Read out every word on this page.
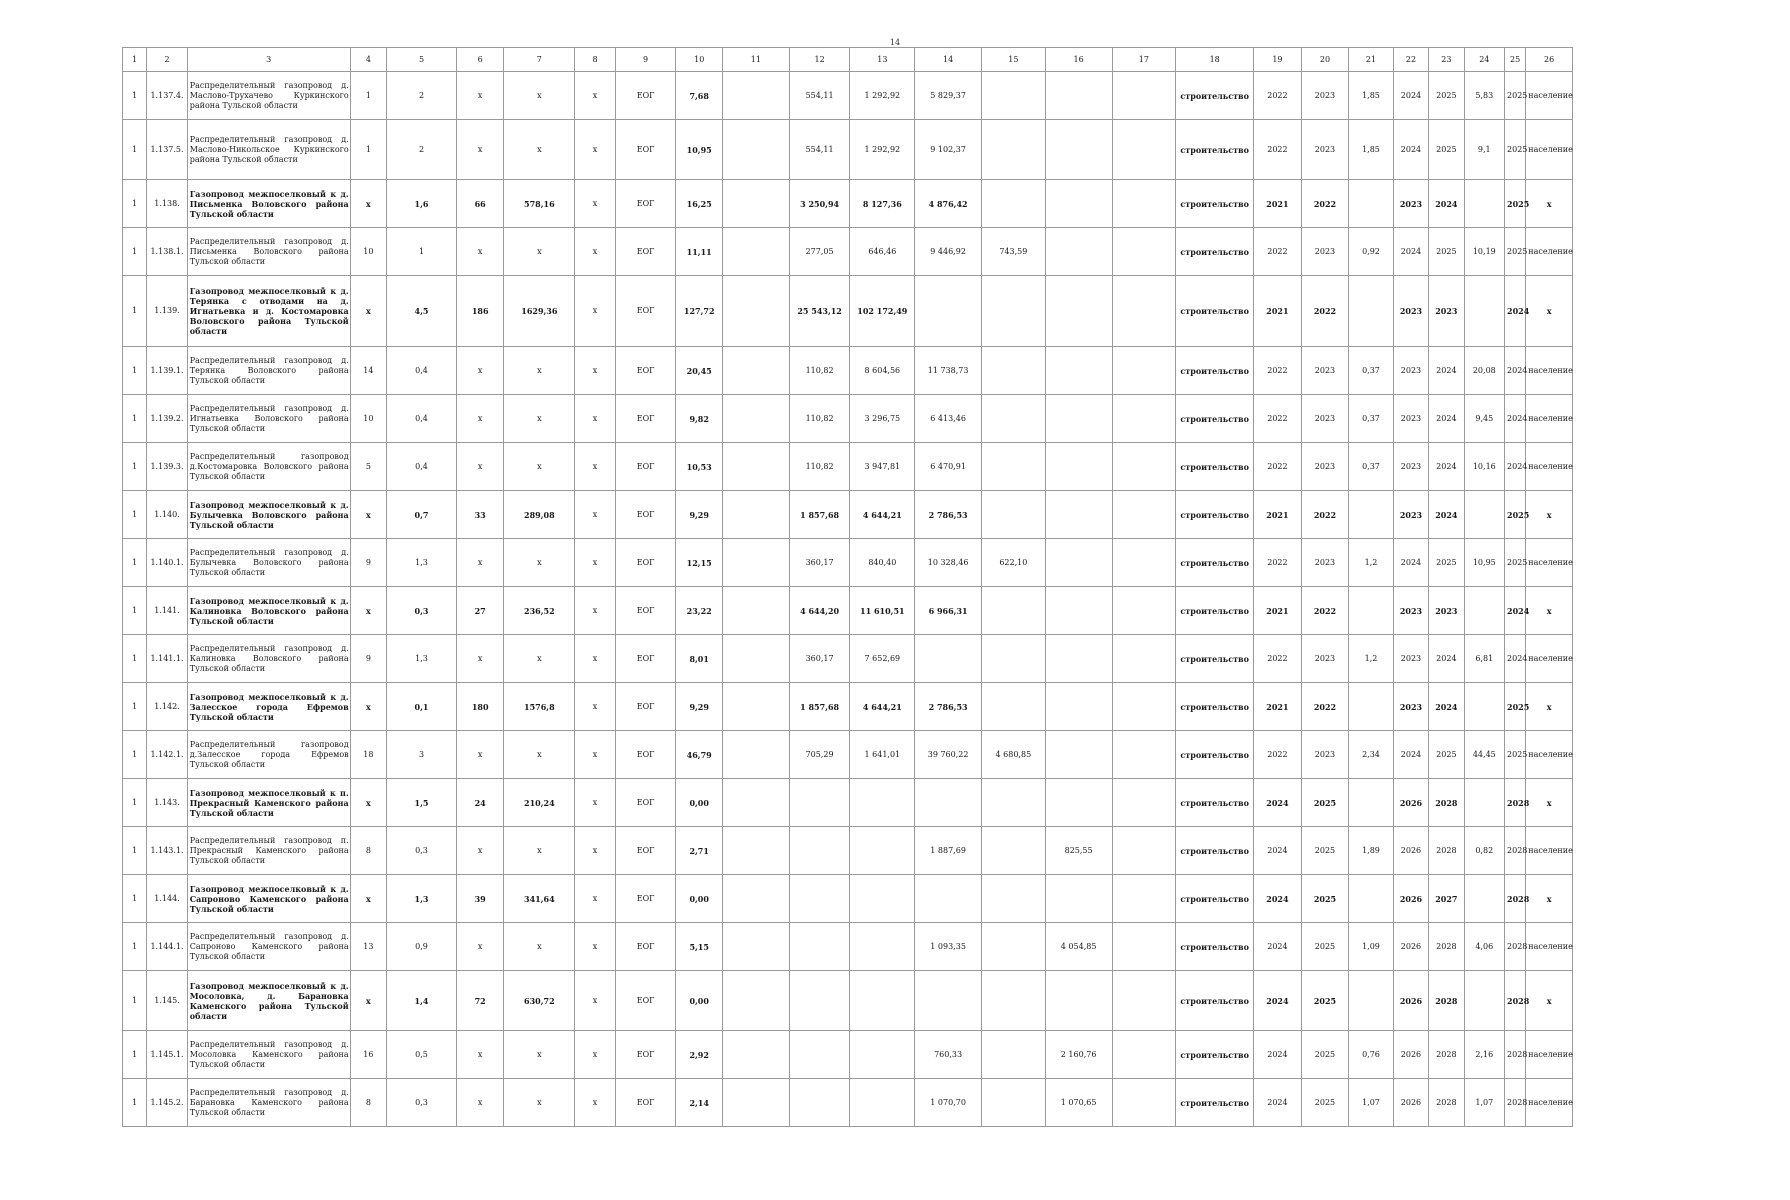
14
1	2	3	4	5	6	7	8	9	10	11	12	13	14	15	16	17	18	19	20	21	22	23	24	25	26
1	1.137.4.	Распределительный газопровод д. Маслово-Трухачево Куркинского района Тульской области	1	2	х	х	х	ЕОГ	7,68		554,11	1 292,92	5 829,37				строительство	2022	2023	1,85	2024	2025	5,83	2025	население
1	1.137.5.	Распределительный газопровод д. Маслово-Никольское Куркинского района Тульской области	1	2	х	х	х	ЕОГ	10,95		554,11	1 292,92	9 102,37				строительство	2022	2023	1,85	2024	2025	9,1	2025	население
1	1.138.	Газопровод межпоселковый к д. Письменка Воловского района Тульской области	х	1,6	66	578,16	х	ЕОГ	16,25		3 250,94	8 127,36	4 876,42				строительство	2021	2022		2023	2024		2025	х
1	1.138.1.	Распределительный газопровод д. Письменка Воловского района Тульской области	10	1	х	х	х	ЕОГ	11,11		277,05	646,46	9 446,92	743,59			строительство	2022	2023	0,92	2024	2025	10,19	2025	население
1	1.139.	Газопровод межпоселковый к д. Терянка с отводами на д. Игнатьевка и д. Костомаровка Воловского района Тульской области	х	4,5	186	1629,36	х	ЕОГ	127,72		25 543,12	102 172,49					строительство	2021	2022		2023	2023		2024	х
1	1.139.1.	Распределительный газопровод д. Терянка Воловского района Тульской области	14	0,4	х	х	х	ЕОГ	20,45		110,82	8 604,56	11 738,73				строительство	2022	2023	0,37	2023	2024	20,08	2024	население
1	1.139.2.	Распределительный газопровод д. Игнатьевка Воловского района Тульской области	10	0,4	х	х	х	ЕОГ	9,82		110,82	3 296,75	6 413,46				строительство	2022	2023	0,37	2023	2024	9,45	2024	население
1	1.139.3.	Распределительный газопровод д.Костомаровка Воловского района Тульской области	5	0,4	х	х	х	ЕОГ	10,53		110,82	3 947,81	6 470,91				строительство	2022	2023	0,37	2023	2024	10,16	2024	население
1	1.140.	Газопровод межпоселковый к д. Булычевка Воловского района Тульской области	х	0,7	33	289,08	х	ЕОГ	9,29		1 857,68	4 644,21	2 786,53				строительство	2021	2022		2023	2024		2025	х
1	1.140.1.	Распределительный газопровод д. Булычевка Воловского района Тульской области	9	1,3	х	х	х	ЕОГ	12,15		360,17	840,40	10 328,46	622,10			строительство	2022	2023	1,2	2024	2025	10,95	2025	население
1	1.141.	Газопровод межпоселковый к д. Калиновка Воловского района Тульской области	х	0,3	27	236,52	х	ЕОГ	23,22		4 644,20	11 610,51	6 966,31				строительство	2021	2022		2023	2023		2024	х
1	1.141.1.	Распределительный газопровод д. Калиновка Воловского района Тульской области	9	1,3	х	х	х	ЕОГ	8,01		360,17	7 652,69					строительство	2022	2023	1,2	2023	2024	6,81	2024	население
1	1.142.	Газопровод межпоселковый к д. Залесское города Ефремов Тульской области	х	0,1	180	1576,8	х	ЕОГ	9,29		1 857,68	4 644,21	2 786,53				строительство	2021	2022		2023	2024		2025	х
1	1.142.1.	Распределительный газопровод д.Залесское города Ефремов Тульской области	18	3	х	х	х	ЕОГ	46,79		705,29	1 641,01	39 760,22	4 680,85			строительство	2022	2023	2,34	2024	2025	44,45	2025	население
1	1.143.	Газопровод межпоселковый к п. Прекрасный Каменского района Тульской области	х	1,5	24	210,24	х	ЕОГ	0,00								строительство	2024	2025		2026	2028		2028	х
1	1.143.1.	Распределительный газопровод п. Прекрасный Каменского района Тульской области	8	0,3	х	х	х	ЕОГ	2,71				1 887,69		825,55		строительство	2024	2025	1,89	2026	2028	0,82	2028	население
1	1.144.	Газопровод межпоселковый к д. Сапроново Каменского района Тульской области	х	1,3	39	341,64	х	ЕОГ	0,00								строительство	2024	2025		2026	2027		2028	х
1	1.144.1.	Распределительный газопровод д. Сапроново Каменского района Тульской области	13	0,9	х	х	х	ЕОГ	5,15				1 093,35		4 054,85		строительство	2024	2025	1,09	2026	2028	4,06	2028	население
1	1.145.	Газопровод межпоселковый к д. Мосоловка, д. Барановка Каменского района Тульской области	х	1,4	72	630,72	х	ЕОГ	0,00								строительство	2024	2025		2026	2028		2028	х
1	1.145.1.	Распределительный газопровод д. Мосоловка Каменского района Тульской области	16	0,5	х	х	х	ЕОГ	2,92				760,33		2 160,76		строительство	2024	2025	0,76	2026	2028	2,16	2028	население
1	1.145.2.	Распределительный газопровод д. Барановка Каменского района Тульской области	8	0,3	х	х	х	ЕОГ	2,14				1 070,70		1 070,65		строительство	2024	2025	1,07	2026	2028	1,07	2028	население
